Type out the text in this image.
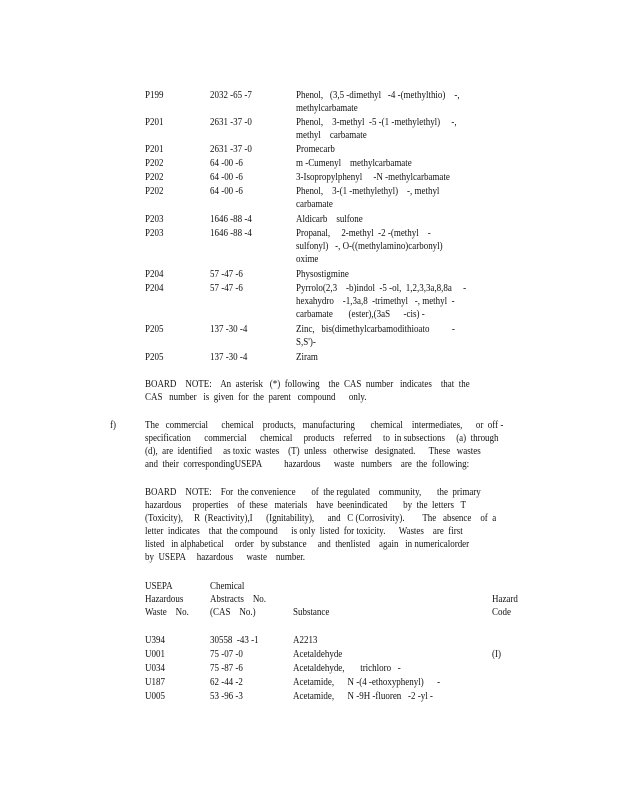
P199	2032 -65 -7	Phenol,   (3,5 -dimethyl   -4 -(methylthio)    -,
methylcarbamate
P201	2631 -37 -0	Phenol,    3-methyl  -5 -(1 -methylethyl)     -,
methyl    carbamate
P201	2631 -37 -0	Promecarb
P202	64 -00 -6	m -Cumenyl    methylcarbamate
P202	64 -00 -6	3-Isopropylphenyl     -N -methylcarbamate
P202	64 -00 -6	Phenol,    3-(1 -methylethyl)    -, methyl
carbamate
P203	1646 -88 -4	Aldicarb    sulfone
P203	1646 -88 -4	Propanal,     2-methyl  -2 -(methyl    -
sulfonyl)   -, O-((methylamino)carbonyl)
oxime
P204	57 -47 -6	Physostigmine
P204	57 -47 -6	Pyrrolo(2,3    -b)indol  -5 -ol,  1,2,3,3a,8,8a     -
hexahydro    -1,3a,8  -trimethyl   -, methyl  -
carbamate       (ester),(3aS      -cis) -
P205	137 -30 -4	Zinc,   bis(dimethylcarbamodithioato          -
S,S')-
P205	137 -30 -4	Ziram
BOARD    NOTE:    An  asterisk   (*)  following    the  CAS  number   indicates    that  the
CAS   number   is  given  for  the  parent   compound      only.
f)	The   commercial      chemical    products,   manufacturing       chemical    intermediates,      or  off -
specification      commercial      chemical     products    referred     to  in subsections     (a)  through
(d),  are  identified     as toxic  wastes    (T)  unless   otherwise   designated.      These   wastes
and  their  correspondingUSEPA          hazardous      waste   numbers    are  the  following:
BOARD    NOTE:    For  the convenience       of  the regulated    community,       the  primary
hazardous     properties    of  these   materials    have  beenindicated       by  the  letters   T
(Toxicity),     R  (Reactivity),I      (Ignitability),      and   C (Corrosivity).        The   absence    of  a
letter  indicates    that  the compound      is only  listed  for toxicity.      Wastes    are  first
listed   in alphabetical     order   by substance     and  thenlisted    again   in numericalorder
by  USEPA     hazardous      waste    number.
USEPA
Hazardous
Waste    No.
Chemical
Abstracts    No.
(CAS    No.)	Substance
Hazard
Code
U394	30558  -43 -1	A2213
U001	75 -07 -0	Acetaldehyde	(I)
U034	75 -87 -6	Acetaldehyde,       trichloro   -
U187	62 -44 -2	Acetamide,      N -(4 -ethoxyphenyl)      -
U005	53 -96 -3	Acetamide,      N -9H -fluoren   -2 -yl -
